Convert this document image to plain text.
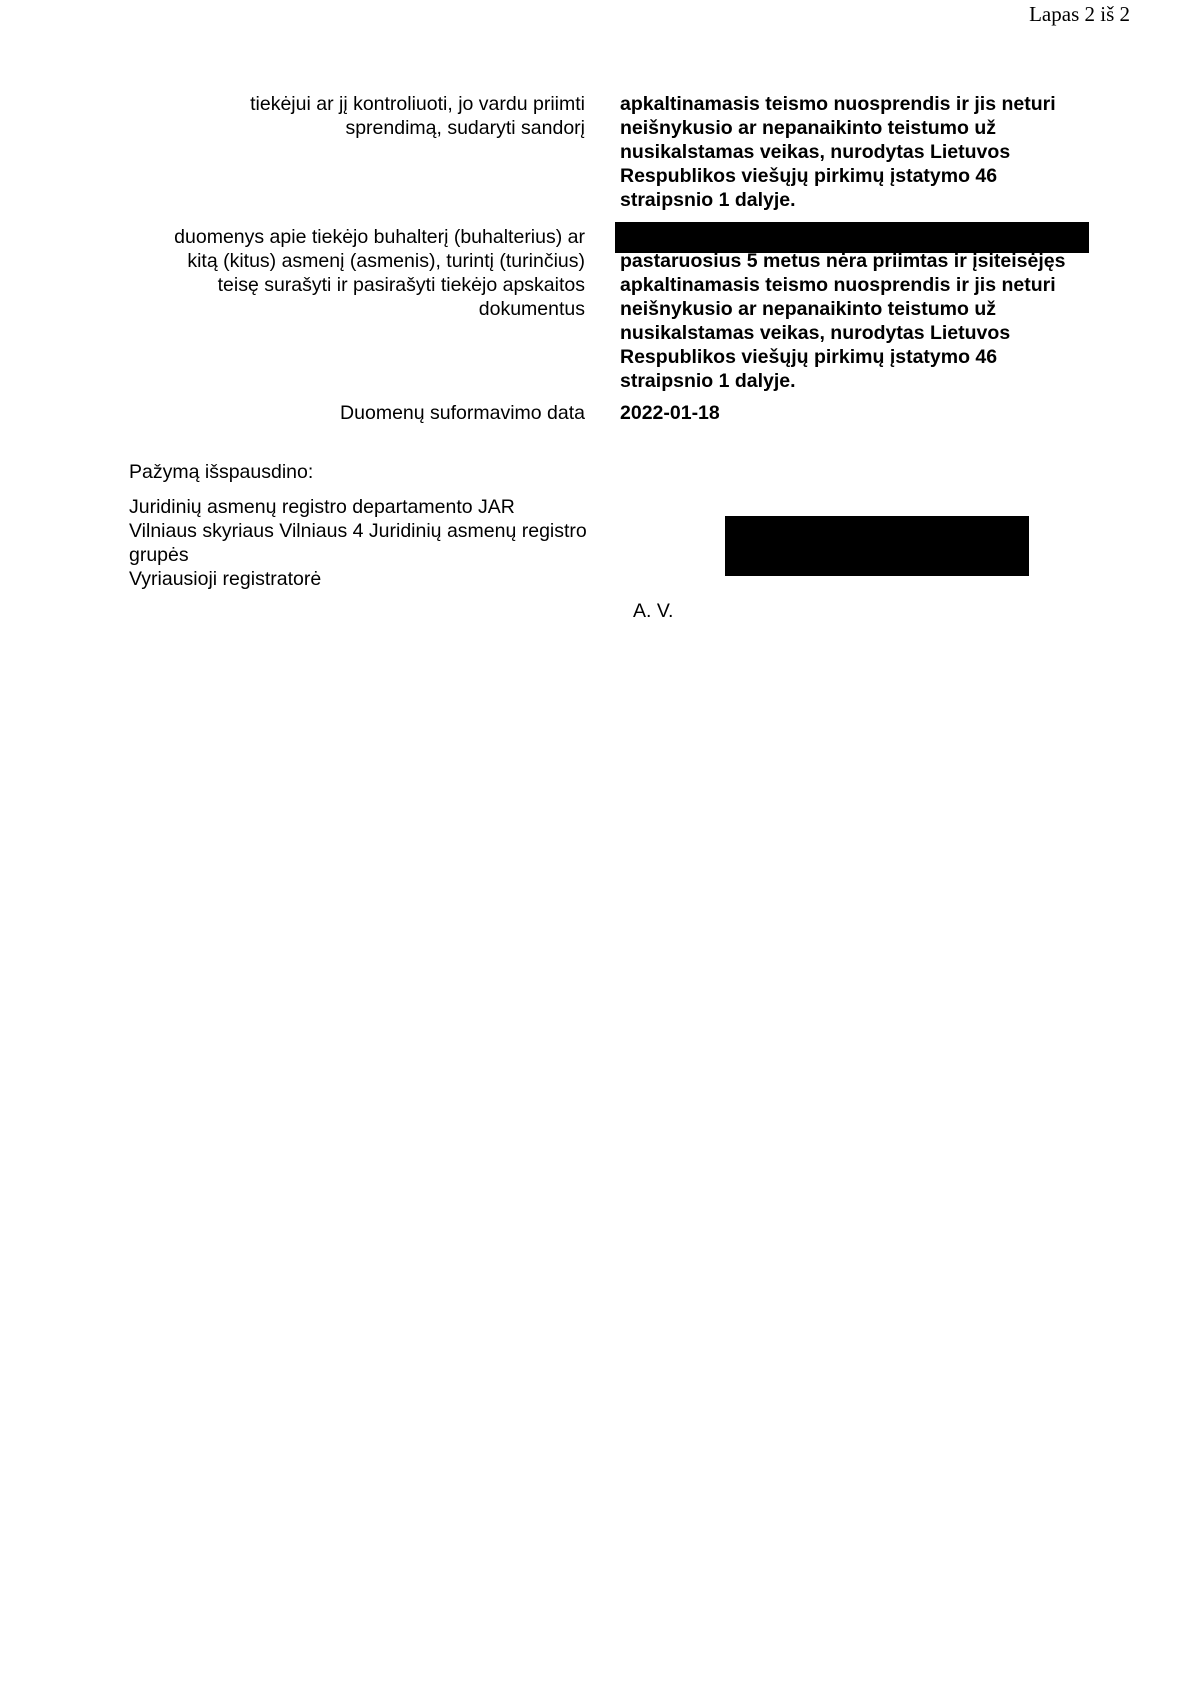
Lapas 2 iš 2
tiekėjui ar jį kontroliuoti, jo vardu priimti
sprendimą, sudaryti sandorį
apkaltinamasis teismo nuosprendis ir jis neturi
neišnykusio ar nepanaikinto teistumo už
nusikalstamas veikas, nurodytas Lietuvos
Respublikos viešųjų pirkimų įstatymo 46
straipsnio 1 dalyje.
duomenys apie tiekėjo buhalterį (buhalterius) ar
kitą (kitus) asmenį (asmenis), turintį (turinčius)
teisę surašyti ir pasirašyti tiekėjo apskaitos
dokumentus
pastaruosius 5 metus nėra priimtas ir įsiteisėjęs
apkaltinamasis teismo nuosprendis ir jis neturi
neišnykusio ar nepanaikinto teistumo už
nusikalstamas veikas, nurodytas Lietuvos
Respublikos viešųjų pirkimų įstatymo 46
straipsnio 1 dalyje.
Duomenų suformavimo data 2022-01-18
Pažymą išspausdino:
Juridinių asmenų registro departamento JAR
Vilniaus skyriaus Vilniaus 4 Juridinių asmenų registro
grupės
Vyriausioji registratorė
A. V.
